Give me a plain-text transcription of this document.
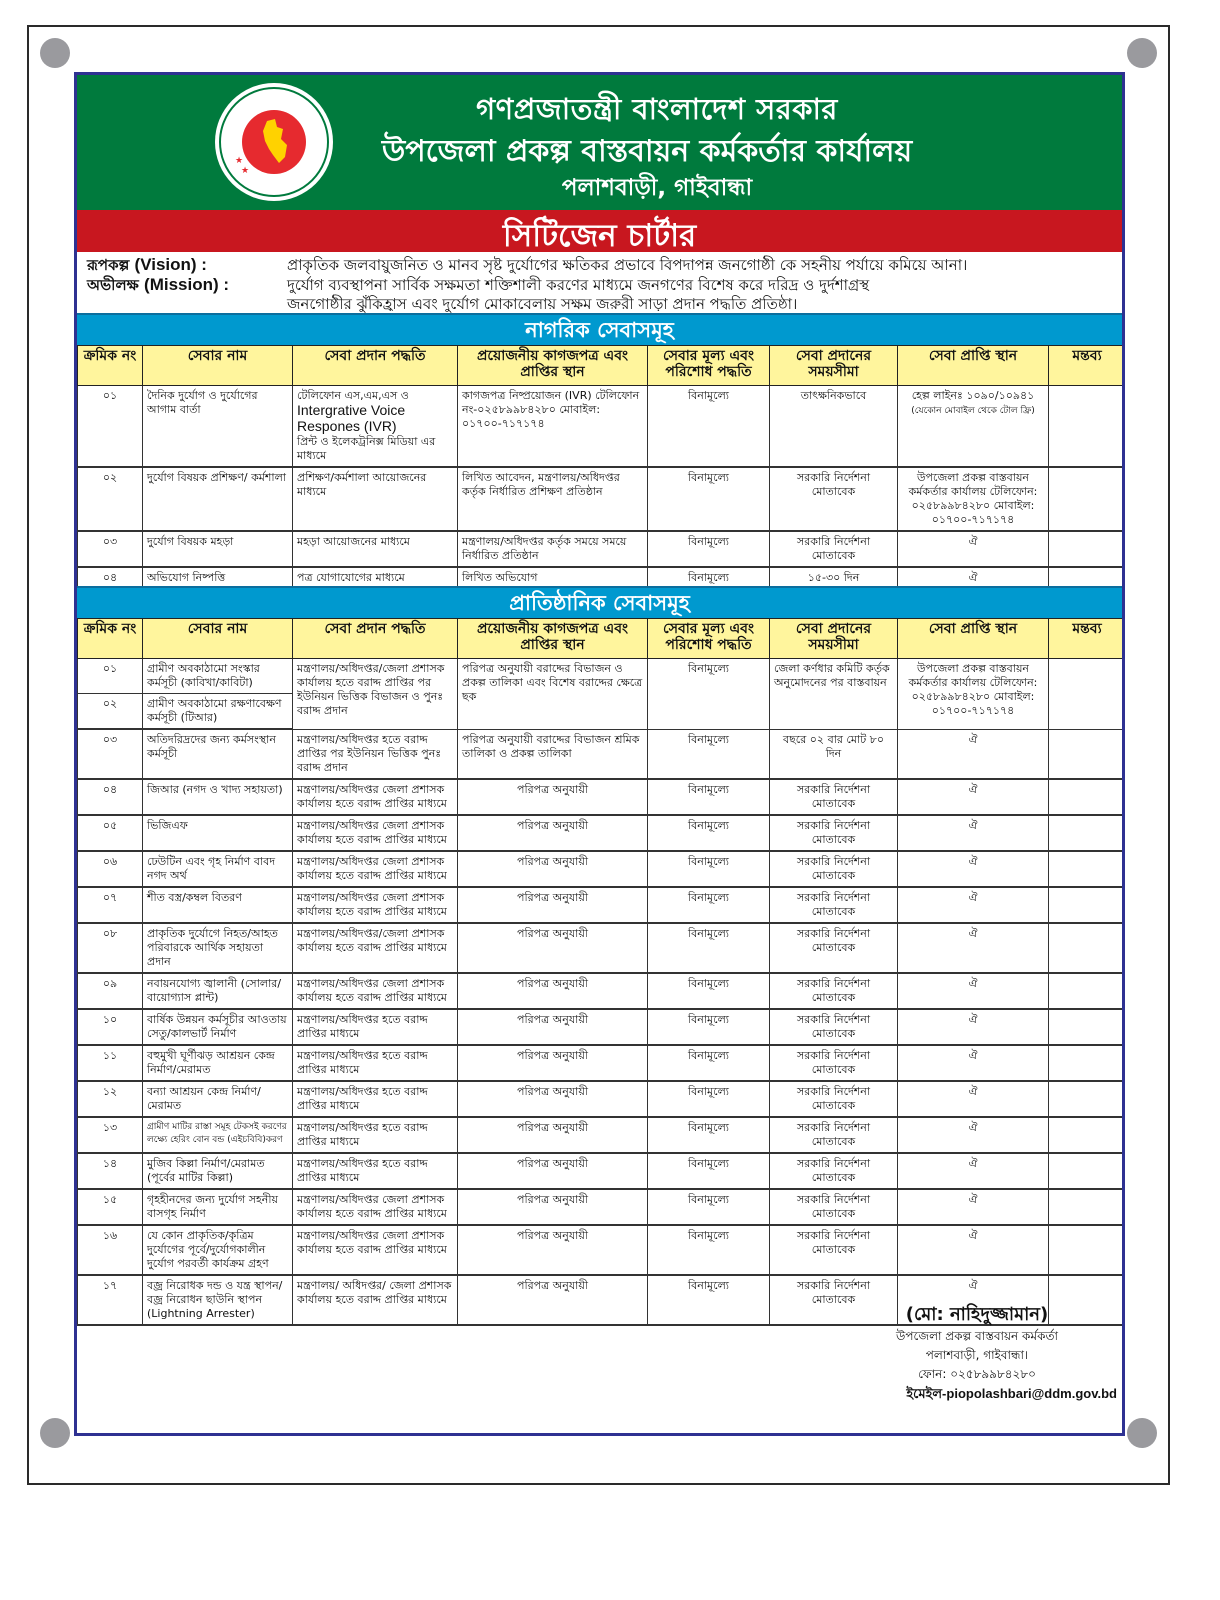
★
★
গণপ্রজাতন্ত্রী বাংলাদেশ সরকার
উপজেলা প্রকল্প বাস্তবায়ন কর্মকর্তার কার্যালয়
পলাশবাড়ী, গাইবান্ধা
সিটিজেন চার্টার
রূপকল্প (Vision) :	প্রাকৃতিক জলবায়ুজনিত ও মানব সৃষ্ট দুর্যোগের ক্ষতিকর প্রভাবে বিপদাপন্ন জনগোষ্ঠী কে সহনীয় পর্যায়ে কমিয়ে আনা।
অভীলক্ষ (Mission) :	দুর্যোগ ব্যবস্থাপনা সার্বিক সক্ষমতা শক্তিশালী করণের মাধ্যমে জনগণের বিশেষ করে দরিদ্র ও দুর্দশাগ্রস্থ
জনগোষ্ঠীর ঝুঁকিহ্রাস এবং দুর্যোগ মোকাবেলায় সক্ষম জরুরী সাড়া প্রদান পদ্ধতি প্রতিষ্ঠা।
নাগরিক সেবাসমূহ
ক্রমিক নং	সেবার নাম	সেবা প্রদান পদ্ধতি	প্রয়োজনীয় কাগজপত্র এবং প্রাপ্তির স্থান	সেবার মূল্য এবং পরিশোধ পদ্ধতি	সেবা প্রদানের সময়সীমা	সেবা প্রাপ্তি স্থান	মন্তব্য
০১	দৈনিক দুর্যোগ ও দুর্যোগের আগাম বার্তা	টেলিফোন এস,এম,এস ও
Intergrative Voice Respones (IVR)
প্রিন্ট ও ইলেকট্রনিক্স মিডিয়া এর মাধ্যমে	কাগজপত্র নিষ্প্রয়োজন (IVR) টেলিফোন নং-০২৫৮৯৯৮৪২৮০ মোবাইল: ০১৭০০-৭১৭১৭৪	বিনামূল্যে	তাৎক্ষনিকভাবে	হেল্প লাইনঃ ১০৯০/১০৯৪১
(যেকোন মোবাইল থেকে টোল ফ্রি)	
০২	দুর্যোগ বিষয়ক প্রশিক্ষণ/ কর্মশালা	প্রশিক্ষণ/কর্মশালা আয়োজনের মাধ্যমে	লিখিত আবেদন, মন্ত্রণালয়/অধিদপ্তর কর্তৃক নির্ধারিত প্রশিক্ষণ প্রতিষ্ঠান	বিনামূল্যে	সরকারি নির্দেশনা মোতাবেক	উপজেলা প্রকল্প বাস্তবায়ন কর্মকর্তার কার্যালয় টেলিফোন: ০২৫৮৯৯৮৪২৮০ মোবাইল: ০১৭০০-৭১৭১৭৪	
০৩	দুর্যোগ বিষয়ক মহড়া	মহড়া আয়োজনের মাধ্যমে	মন্ত্রণালয়/অধিদপ্তর কর্তৃক সময়ে সময়ে নির্ধারিত প্রতিষ্ঠান	বিনামূল্যে	সরকারি নির্দেশনা মোতাবেক	ঐ	
০৪	অভিযোগ নিষ্পত্তি	পত্র যোগাযোগের মাধ্যমে	লিখিত অভিযোগ	বিনামূল্যে	১৫-৩০ দিন	ঐ	
প্রাতিষ্ঠানিক সেবাসমূহ
ক্রমিক নং	সেবার নাম	সেবা প্রদান পদ্ধতি	প্রয়োজনীয় কাগজপত্র এবং প্রাপ্তির স্থান	সেবার মূল্য এবং পরিশোধ পদ্ধতি	সেবা প্রদানের সময়সীমা	সেবা প্রাপ্তি স্থান	মন্তব্য
০১	গ্রামীণ অবকাঠামো সংস্কার কর্মসূচী (কাবিখা/কাবিটা)	মন্ত্রণালয়/অধিদপ্তর/জেলা প্রশাসক কার্যালয় হতে বরাদ্দ প্রাপ্তির পর ইউনিয়ন ভিত্তিক বিভাজন ও পুনঃ বরাদ্দ প্রদান	পরিপত্র অনুযায়ী বরাদ্দের বিভাজন ও প্রকল্প তালিকা এবং বিশেষ বরাদ্দের ক্ষেত্রে ছক	বিনামূল্যে	জেলা কর্ণধার কমিটি কর্তৃক অনুমোদনের পর বাস্তবায়ন	উপজেলা প্রকল্প বাস্তবায়ন কর্মকর্তার কার্যালয় টেলিফোন: ০২৫৮৯৯৮৪২৮০ মোবাইল: ০১৭০০-৭১৭১৭৪	
০২	গ্রামীণ অবকাঠামো রক্ষণাবেক্ষণ কর্মসূচী (টিআর)						
০৩	অতিদরিদ্রদের জন্য কর্মসংস্থান কর্মসূচী	মন্ত্রণালয়/অধিদপ্তর হতে বরাদ্দ প্রাপ্তির পর ইউনিয়ন ভিত্তিক পুনঃ বরাদ্দ প্রদান	পরিপত্র অনুযায়ী বরাদ্দের বিভাজন শ্রমিক তালিকা ও প্রকল্প তালিকা	বিনামূল্যে	বছরে ০২ বার মোট ৮০ দিন	ঐ	
০৪	জিআর (নগদ ও খাদ্য সহায়তা)	মন্ত্রণালয়/অধিদপ্তর জেলা প্রশাসক কার্যালয় হতে বরাদ্দ প্রাপ্তির মাধ্যমে	পরিপত্র অনুযায়ী	বিনামূল্যে	সরকারি নির্দেশনা মোতাবেক	ঐ	
০৫	ভিজিএফ	মন্ত্রণালয়/অধিদপ্তর জেলা প্রশাসক কার্যালয় হতে বরাদ্দ প্রাপ্তির মাধ্যমে	পরিপত্র অনুযায়ী	বিনামূল্যে	সরকারি নির্দেশনা মোতাবেক	ঐ	
০৬	ঢেউটিন এবং গৃহ নির্মাণ বাবদ নগদ অর্থ	মন্ত্রণালয়/অধিদপ্তর জেলা প্রশাসক কার্যালয় হতে বরাদ্দ প্রাপ্তির মাধ্যমে	পরিপত্র অনুযায়ী	বিনামূল্যে	সরকারি নির্দেশনা মোতাবেক	ঐ	
০৭	শীত বস্ত্র/কম্বল বিতরণ	মন্ত্রণালয়/অধিদপ্তর জেলা প্রশাসক কার্যালয় হতে বরাদ্দ প্রাপ্তির মাধ্যমে	পরিপত্র অনুযায়ী	বিনামূল্যে	সরকারি নির্দেশনা মোতাবেক	ঐ	
০৮	প্রাকৃতিক দুর্যোগে নিহত/আহত পরিবারকে আর্থিক সহায়তা প্রদান	মন্ত্রণালয়/অধিদপ্তর/জেলা প্রশাসক কার্যালয় হতে বরাদ্দ প্রাপ্তির মাধ্যমে	পরিপত্র অনুযায়ী	বিনামূল্যে	সরকারি নির্দেশনা মোতাবেক	ঐ	
০৯	নবায়নযোগ্য জ্বালানী (সোলার/বায়োগ্যাস প্লান্ট)	মন্ত্রণালয়/অধিদপ্তর জেলা প্রশাসক কার্যালয় হতে বরাদ্দ প্রাপ্তির মাধ্যমে	পরিপত্র অনুযায়ী	বিনামূল্যে	সরকারি নির্দেশনা মোতাবেক	ঐ	
১০	বার্ষিক উন্নয়ন কর্মসূচীর আওতায় সেতু/কালভার্ট নির্মাণ	মন্ত্রণালয়/অধিদপ্তর হতে বরাদ্দ প্রাপ্তির মাধ্যমে	পরিপত্র অনুযায়ী	বিনামূল্যে	সরকারি নির্দেশনা মোতাবেক	ঐ	
১১	বহুমুখী ঘূর্ণীঝড় আশ্রয়ন কেন্দ্র নির্মাণ/মেরামত	মন্ত্রণালয়/অধিদপ্তর হতে বরাদ্দ প্রাপ্তির মাধ্যমে	পরিপত্র অনুযায়ী	বিনামূল্যে	সরকারি নির্দেশনা মোতাবেক	ঐ	
১২	বন্যা আশ্রয়ন কেন্দ্র নির্মাণ/মেরামত	মন্ত্রণালয়/অধিদপ্তর হতে বরাদ্দ প্রাপ্তির মাধ্যমে	পরিপত্র অনুযায়ী	বিনামূল্যে	সরকারি নির্দেশনা মোতাবেক	ঐ	
১৩	গ্রামীণ মাটির রাস্তা সমূহ টেকসই করণের লক্ষ্যে হেরিং বোন বন্ড (এইচবিবি)করণ	মন্ত্রণালয়/অধিদপ্তর হতে বরাদ্দ প্রাপ্তির মাধ্যমে	পরিপত্র অনুযায়ী	বিনামূল্যে	সরকারি নির্দেশনা মোতাবেক	ঐ	
১৪	মুজিব কিল্লা নির্মাণ/মেরামত (পূর্বের মাটির কিল্লা)	মন্ত্রণালয়/অধিদপ্তর হতে বরাদ্দ প্রাপ্তির মাধ্যমে	পরিপত্র অনুযায়ী	বিনামূল্যে	সরকারি নির্দেশনা মোতাবেক	ঐ	
১৫	গৃহহীনদের জন্য দুর্যোগ সহনীয় বাসগৃহ নির্মাণ	মন্ত্রণালয়/অধিদপ্তর জেলা প্রশাসক কার্যালয় হতে বরাদ্দ প্রাপ্তির মাধ্যমে	পরিপত্র অনুযায়ী	বিনামূল্যে	সরকারি নির্দেশনা মোতাবেক	ঐ	
১৬	যে কোন প্রাকৃতিক/কৃত্রিম দুর্যোগের পূর্বে/দুর্যোগকালীন দুর্যোগ পরবর্তী কার্যক্রম গ্রহণ	মন্ত্রণালয়/অধিদপ্তর জেলা প্রশাসক কার্যালয় হতে বরাদ্দ প্রাপ্তির মাধ্যমে	পরিপত্র অনুযায়ী	বিনামূল্যে	সরকারি নির্দেশনা মোতাবেক	ঐ	
১৭	বজ্র নিরোধক দন্ড ও যন্ত্র স্থাপন/ বজ্র নিরোধন ছাউনি স্থাপন (Lightning Arrester)	মন্ত্রণালয়/ অধিদপ্তর/ জেলা প্রশাসক কার্যালয় হতে বরাদ্দ প্রাপ্তির মাধ্যমে	পরিপত্র অনুযায়ী	বিনামূল্যে	সরকারি নির্দেশনা মোতাবেক	ঐ	
(মো: নাহিদুজ্জামান)
উপজেলা প্রকল্প বাস্তবায়ন কর্মকর্তা
পলাশবাড়ী, গাইবান্ধা।
ফোন: ০২৫৮৯৯৮৪২৮০
ইমেইল-piopolashbari@ddm.gov.bd
